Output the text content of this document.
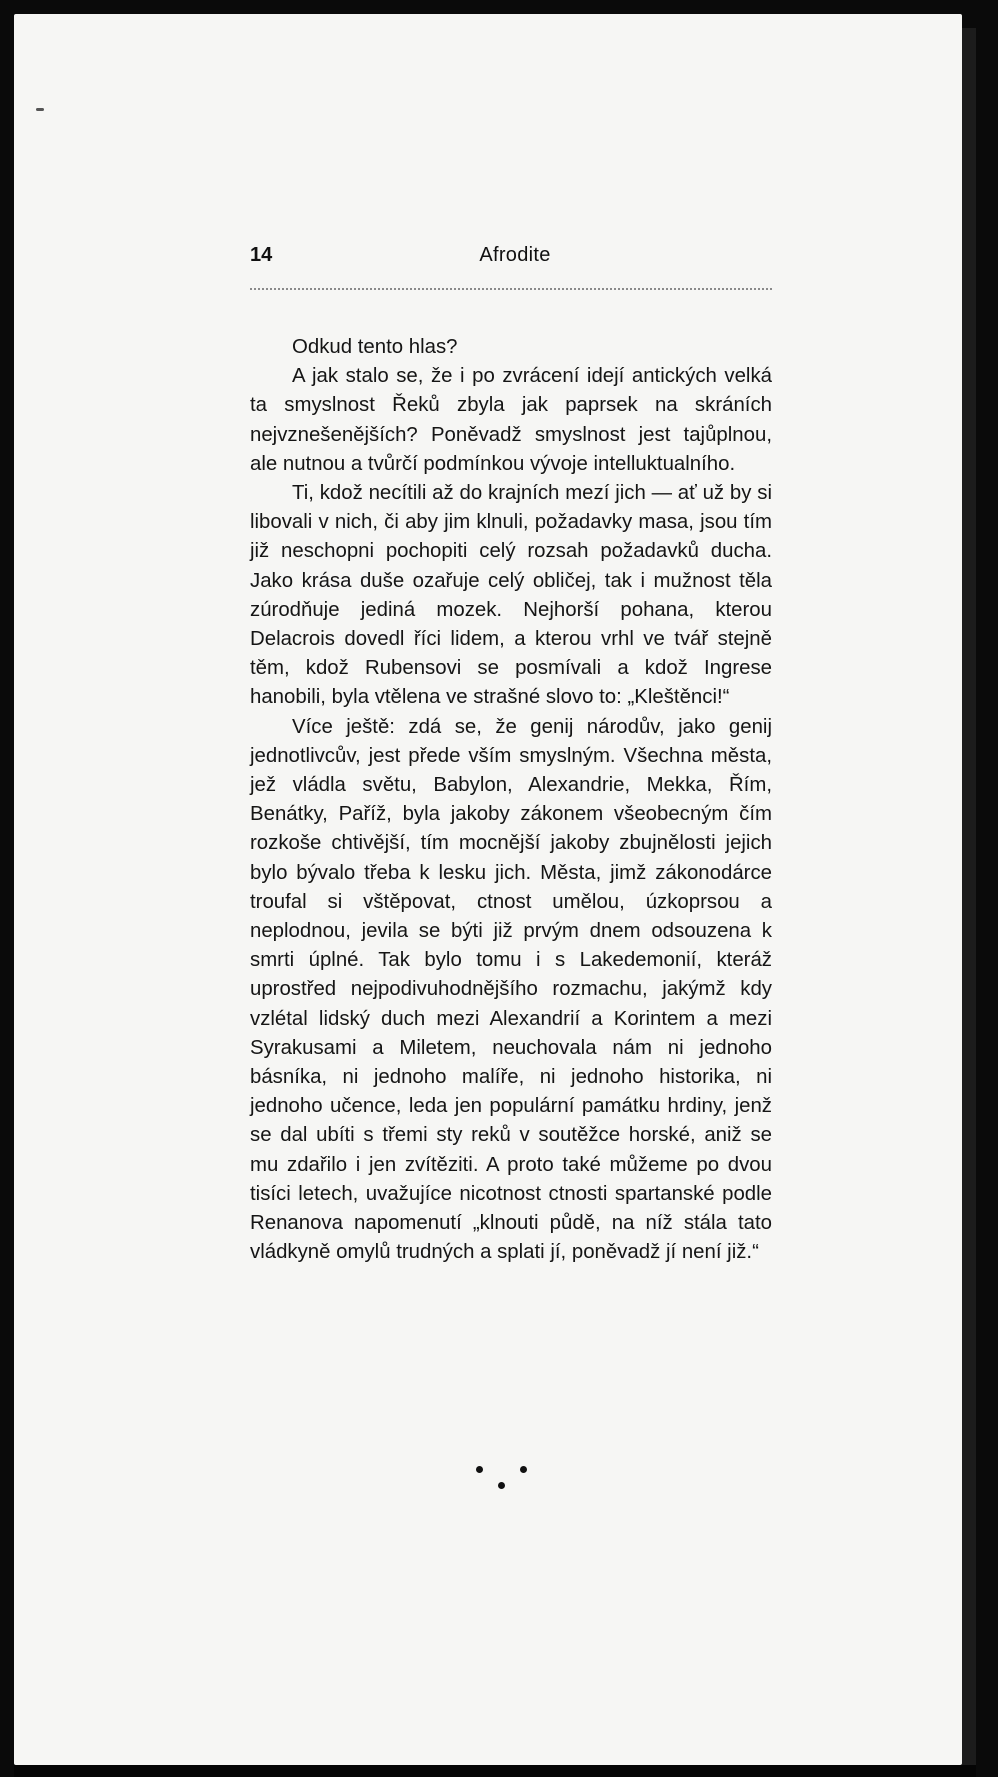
14	Afrodite

Odkud tento hlas?

A jak stalo se, že i po zvrácení idejí antických velká ta smyslnost Řeků zbyla jak paprsek na skráních nejvznešenějších? Poněvadž smyslnost jest tajůplnou, ale nutnou a tvůrčí podmínkou vývoje intelluktualního.

Ti, kdož necítili až do krajních mezí jich — ať už by si libovali v nich, či aby jim klnuli, požadavky masa, jsou tím již neschopni pochopiti celý rozsah požadavků ducha. Jako krása duše ozařuje celý obličej, tak i mužnost těla zúrodňuje jediná mozek. Nejhorší pohana, kterou Delacrois dovedl říci lidem, a kterou vrhl ve tvář stejně těm, kdož Rubensovi se posmívali a kdož Ingrese hanobili, byla vtělena ve strašné slovo to: „Kleštěnci!“

Více ještě: zdá se, že genij národův, jako genij jednotlivcův, jest přede vším smyslným. Všechna města, jež vládla světu, Babylon, Alexandrie, Mekka, Řím, Benátky, Paříž, byla jakoby zákonem všeobecným čím rozkoše chtivější, tím mocnější jakoby zbujnělosti jejich bylo bývalo třeba k lesku jich. Města, jimž zákonodárce troufal si vštěpovat, ctnost umělou, úzkoprsou a neplodnou, jevila se býti již prvým dnem odsouzena k smrti úplné. Tak bylo tomu i s Lakedemonií, kteráž uprostřed nejpodivuhodnějšího rozmachu, jakýmž kdy vzlétal lidský duch mezi Alexandrií a Korintem a mezi Syrakusami a Miletem, neuchovala nám ni jednoho básníka, ni jednoho malíře, ni jednoho historika, ni jednoho učence, leda jen populární památku hrdiny, jenž se dal ubíti s třemi sty reků v soutěžce horské, aniž se mu zdařilo i jen zvítěziti. A proto také můžeme po dvou tisíci letech, uvažujíce nicotnost ctnosti spartanské podle Renanova napomenutí „klnouti půdě, na níž stála tato vládkyně omylů trudných a splati jí, poněvadž jí není již.“
